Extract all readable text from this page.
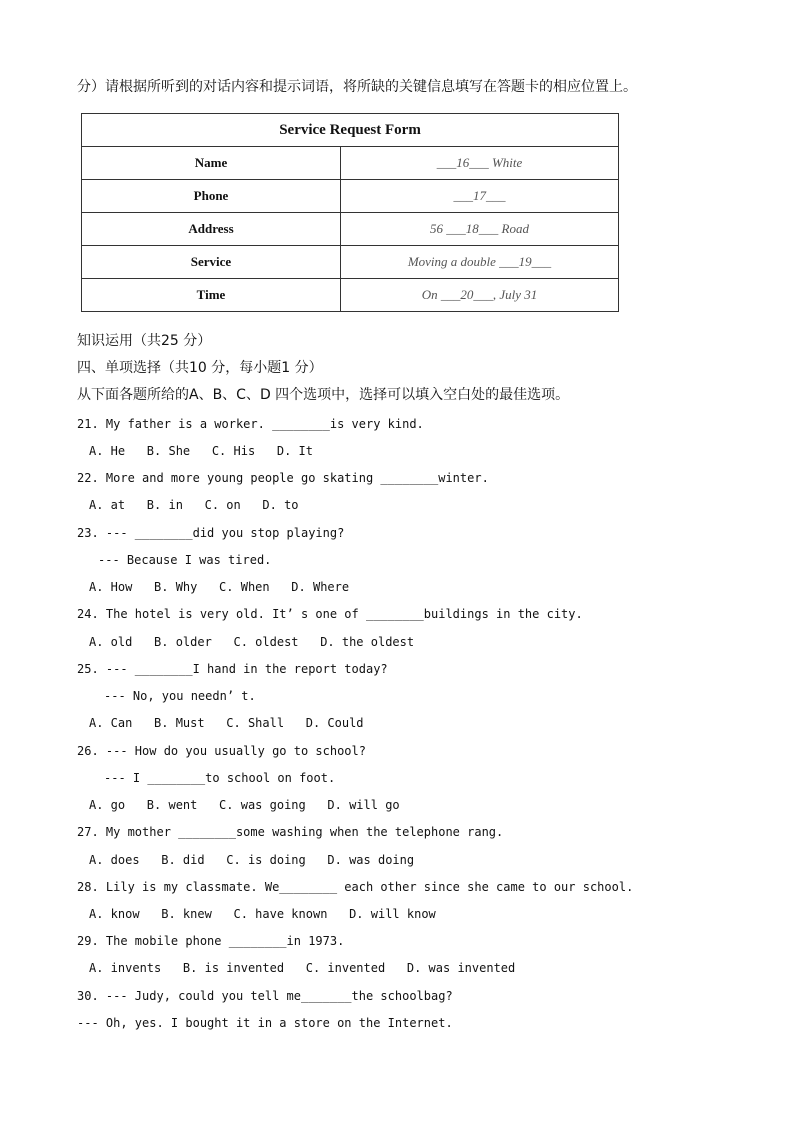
分）请根据所听到的对话内容和提示词语，将所缺的关键信息填写在答题卡的相应位置上。
Service Request Form	
Name	___16___ White
Phone	___17___
Address	56 ___18___ Road
Service	Moving a double ___19___
Time	On ___20___, July 31
知识运用（共25 分）
四、单项选择（共10 分，每小题1 分）
从下面各题所给的A、B、C、D 四个选项中，选择可以填入空白处的最佳选项。
21. My father is a worker. ________is very kind.
A. He   B. She   C. His   D. It
22. More and more young people go skating ________winter.
A. at   B. in   C. on   D. to
23. --- ________did you stop playing?
--- Because I was tired.
A. How   B. Why   C. When   D. Where
24. The hotel is very old. It’ s one of ________buildings in the city.
A. old   B. older   C. oldest   D. the oldest
25. --- ________I hand in the report today?
--- No, you needn’ t.
A. Can   B. Must   C. Shall   D. Could
26. --- How do you usually go to school?
--- I ________to school on foot.
A. go   B. went   C. was going   D. will go
27. My mother ________some washing when the telephone rang.
A. does   B. did   C. is doing   D. was doing
28. Lily is my classmate. We________ each other since she came to our school.
A. know   B. knew   C. have known   D. will know
29. The mobile phone ________in 1973.
A. invents   B. is invented   C. invented   D. was invented
30. --- Judy, could you tell me_______the schoolbag?
--- Oh, yes. I bought it in a store on the Internet.
